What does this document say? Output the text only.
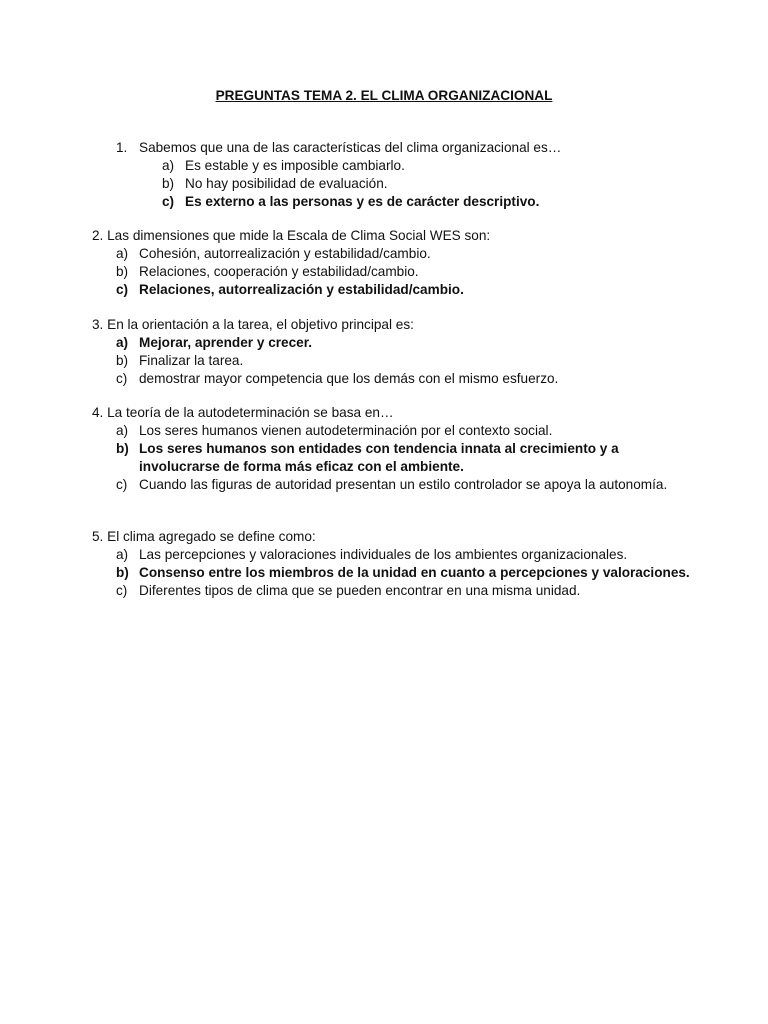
PREGUNTAS TEMA 2. EL CLIMA ORGANIZACIONAL
1. Sabemos que una de las características del clima organizacional es…
a) Es estable y es imposible cambiarlo.
b) No hay posibilidad de evaluación.
c) Es externo a las personas y es de carácter descriptivo.
2. Las dimensiones que mide la Escala de Clima Social WES son:
a) Cohesión, autorrealización y estabilidad/cambio.
b) Relaciones, cooperación y estabilidad/cambio.
c) Relaciones, autorrealización y estabilidad/cambio.
3. En la orientación a la tarea, el objetivo principal es:
a) Mejorar, aprender y crecer.
b) Finalizar la tarea.
c) demostrar mayor competencia que los demás con el mismo esfuerzo.
4. La teoría de la autodeterminación se basa en…
a) Los seres humanos vienen autodeterminación por el contexto social.
b) Los seres humanos son entidades con tendencia innata al crecimiento y a involucrarse de forma más eficaz con el ambiente.
c) Cuando las figuras de autoridad presentan un estilo controlador se apoya la autonomía.
5. El clima agregado se define como:
a) Las percepciones y valoraciones individuales de los ambientes organizacionales.
b) Consenso entre los miembros de la unidad en cuanto a percepciones y valoraciones.
c) Diferentes tipos de clima que se pueden encontrar en una misma unidad.
